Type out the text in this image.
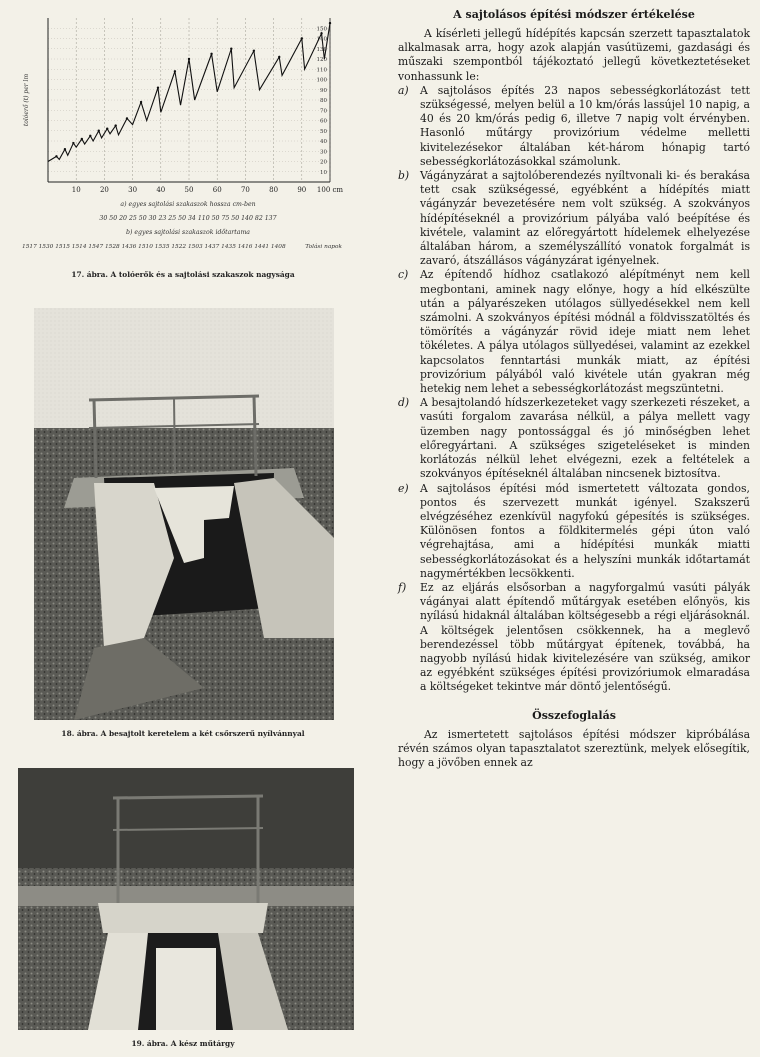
10	20	30	40	50	60	70	80	90 100 cm
10
20
30
40
50
60
70
80
90
100
110
120
130
140
150
tolóerő (t) per lm
a) egyes sajtolási szakaszok hossza cm-ben
30 50 20 25 50 30 23 25 50 34 110 50 75 50 140 82 137
b) egyes sajtolási szakaszok időtartama
1517 1530 1515 1514 1547 1528 1436 1510 1535 1522 1503 1437 1435 1416 1441 1408	Tolási napok
17. ábra. A tolóerők és a sajtolási szakaszok nagysága
18. ábra. A besajtolt keretelem a két csőrszerű nyílvánnyal
19. ábra. A kész műtárgy
A sajtolásos építési módszer értékelése

A kísérleti jellegű hídépítés kapcsán szerzett tapasztalatok alkalmasak arra, hogy azok alapján vasútüzemi, gazdasági és műszaki szempontból tájékoztató jellegű következtetéseket vonhassunk le:

a) A sajtolásos építés 23 napos sebességkorlátozást tett szükségessé, melyen belül a 10 km/órás lassújel 10 napig, a 40 és 20 km/órás pedig 6, illetve 7 napig volt érvényben. Hasonló műtárgy provizórium védelme melletti kivitelezésekor általában két-három hónapig tartó sebességkorlátozásokkal számolunk.
b) Vágányzárat a sajtolóberendezés nyíltvonali ki- és berakása tett csak szükségessé, egyébként a hídépítés miatt vágányzár bevezetésére nem volt szükség. A szokványos hídépítéseknél a provizórium pályába való beépítése és kivétele, valamint az előregyártott hídelemek elhelyezése általában három, a személyszállító vonatok forgalmát is zavaró, átszállásos vágányzárat igényelnek.
c) Az építendő hídhoz csatlakozó alépítményt nem kell megbontani, aminek nagy előnye, hogy a híd elkészülte után a pályarészeken utólagos süllyedésekkel nem kell számolni. A szokványos építési módnál a földvisszatöltés és tömörítés a vágányzár rövid ideje miatt nem lehet tökéletes. A pálya utólagos süllyedései, valamint az ezekkel kapcsolatos fenntartási munkák miatt, az építési provizórium pályából való kivétele után gyakran még hetekig nem lehet a sebességkorlátozást megszüntetni.
d) A besajtolandó hídszerkezeteket vagy szerkezeti részeket, a vasúti forgalom zavarása nélkül, a pálya mellett vagy üzemben nagy pontossággal és jó minőségben lehet előregyártani. A szükséges szigeteléseket is minden korlátozás nélkül lehet elvégezni, ezek a feltételek a szokványos építéseknél általában nincsenek biztosítva.
e) A sajtolásos építési mód ismertetett változata gondos, pontos és szervezett munkát igényel. Szakszerű elvégzéséhez ezenkívül nagyfokú gépesítés is szükséges. Különösen fontos a földkitermelés gépi úton való végrehajtása, ami a hídépítési munkák miatti sebességkorlátozásokat és a helyszíni munkák időtartamát nagymértékben lecsökkenti.
f) Ez az eljárás elsősorban a nagyforgalmú vasúti pályák vágányai alatt építendő műtárgyak esetében előnyös, kis nyílású hidaknál általában költségesebb a régi eljárásoknál. A költségek jelentősen csökkennek, ha a meglevő berendezéssel több műtárgyat építenek, továbbá, ha nagyobb nyílású hidak kivitelezésére van szükség, amikor az egyébként szükséges építési provizóriumok elmaradása a költségeket tekintve már döntő jelentőségű.
Összefoglalás

Az ismertetett sajtolásos építési módszer kipróbálása révén számos olyan tapasztalatot szereztünk, melyek elősegítik, hogy a jövőben ennek az
